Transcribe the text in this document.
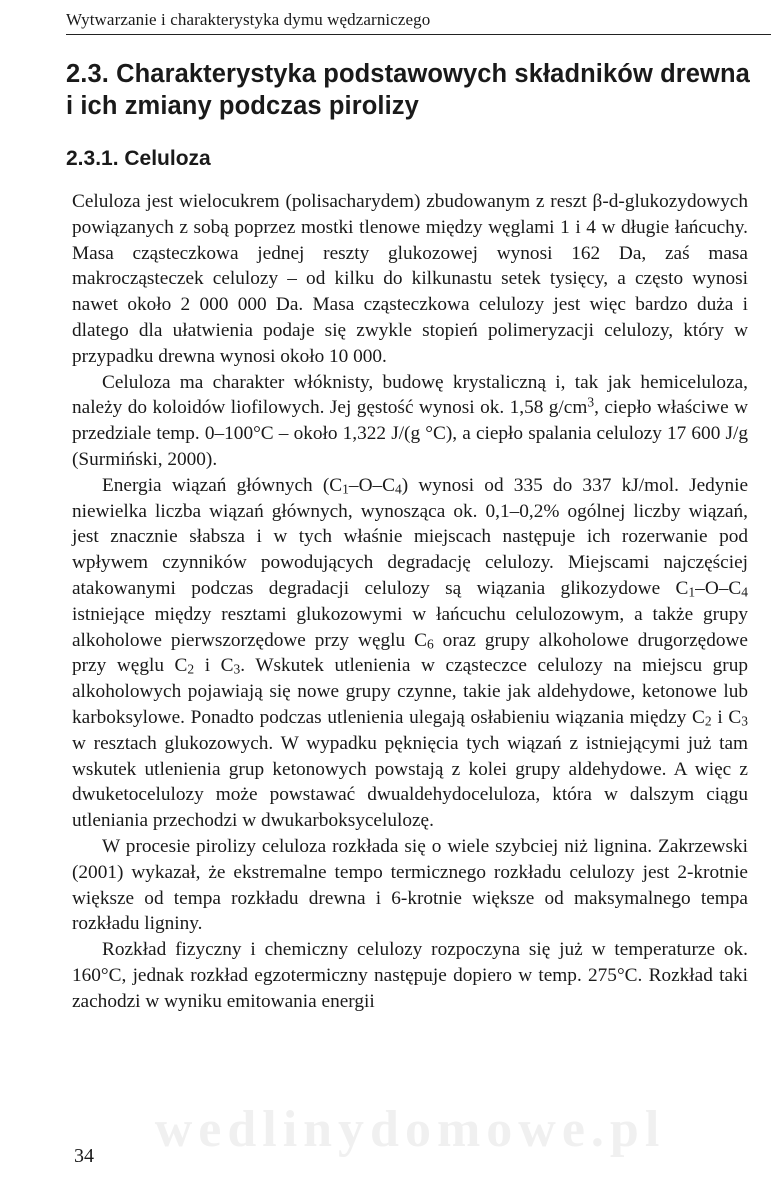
Wytwarzanie i charakterystyka dymu wędzarniczego
2.3. Charakterystyka podstawowych składników drewna i ich zmiany podczas pirolizy
2.3.1. Celuloza

Celuloza jest wielocukrem (polisacharydem) zbudowanym z reszt β-d-glukozydowych powiązanych z sobą poprzez mostki tlenowe między węglami 1 i 4 w długie łańcuchy. Masa cząsteczkowa jednej reszty glukozowej wynosi 162 Da, zaś masa makrocząsteczek celulozy – od kilku do kilkunastu setek tysięcy, a często wynosi nawet około 2 000 000 Da. Masa cząsteczkowa celulozy jest więc bardzo duża i dlatego dla ułatwienia podaje się zwykle stopień polimeryzacji celulozy, który w przypadku drewna wynosi około 10 000.

Celuloza ma charakter włóknisty, budowę krystaliczną i, tak jak hemiceluloza, należy do koloidów liofilowych. Jej gęstość wynosi ok. 1,58 $g/cm^3$, ciepło właściwe w przedziale temp. 0–100°C – około 1,322 J/(g °C), a ciepło spalania celulozy 17 600 J/g (Surmiński, 2000).

Energia wiązań głównych $(C_1-O-C_4)$ wynosi od 335 do 337 kJ/mol. Jedynie niewielka liczba wiązań głównych, wynosząca ok. 0,1–0,2% ogólnej liczby wiązań, jest znacznie słabsza i w tych właśnie miejscach następuje ich rozerwanie pod wpływem czynników powodujących degradację celulozy. Miejscami najczęściej atakowanymi podczas degradacji celulozy są wiązania glikozydowe $C_1-O-C_4$ istniejące między resztami glukozowymi w łańcuchu celulozowym, a także grupy alkoholowe pierwszorzędowe przy węglu $C_6$ oraz grupy alkoholowe drugorzędowe przy węglu $C_2$ i $C_3$. Wskutek utlenienia w cząsteczce celulozy na miejscu grup alkoholowych pojawiają się nowe grupy czynne, takie jak aldehydowe, ketonowe lub karboksylowe. Ponadto podczas utlenienia ulegają osłabieniu wiązania między $C_2$ i $C_3$ w resztach glukozowych. W wypadku pęknięcia tych wiązań z istniejącymi już tam wskutek utlenienia grup ketonowych powstają z kolei grupy aldehydowe. A więc z dwuketocelulozy może powstawać dwualdehydoceluloza, która w dalszym ciągu utleniania przechodzi w dwukarboksycelulozę.

W procesie pirolizy celuloza rozkłada się o wiele szybciej niż lignina. Zakrzewski (2001) wykazał, że ekstremalne tempo termicznego rozkładu celulozy jest 2-krotnie większe od tempa rozkładu drewna i 6-krotnie większe od maksymalnego tempa rozkładu ligniny.

Rozkład fizyczny i chemiczny celulozy rozpoczyna się już w temperaturze ok. 160°C, jednak rozkład egzotermiczny następuje dopiero w temp. 275°C. Rozkład taki zachodzi w wyniku emitowania energii

wedlinydomowe.pl
34
